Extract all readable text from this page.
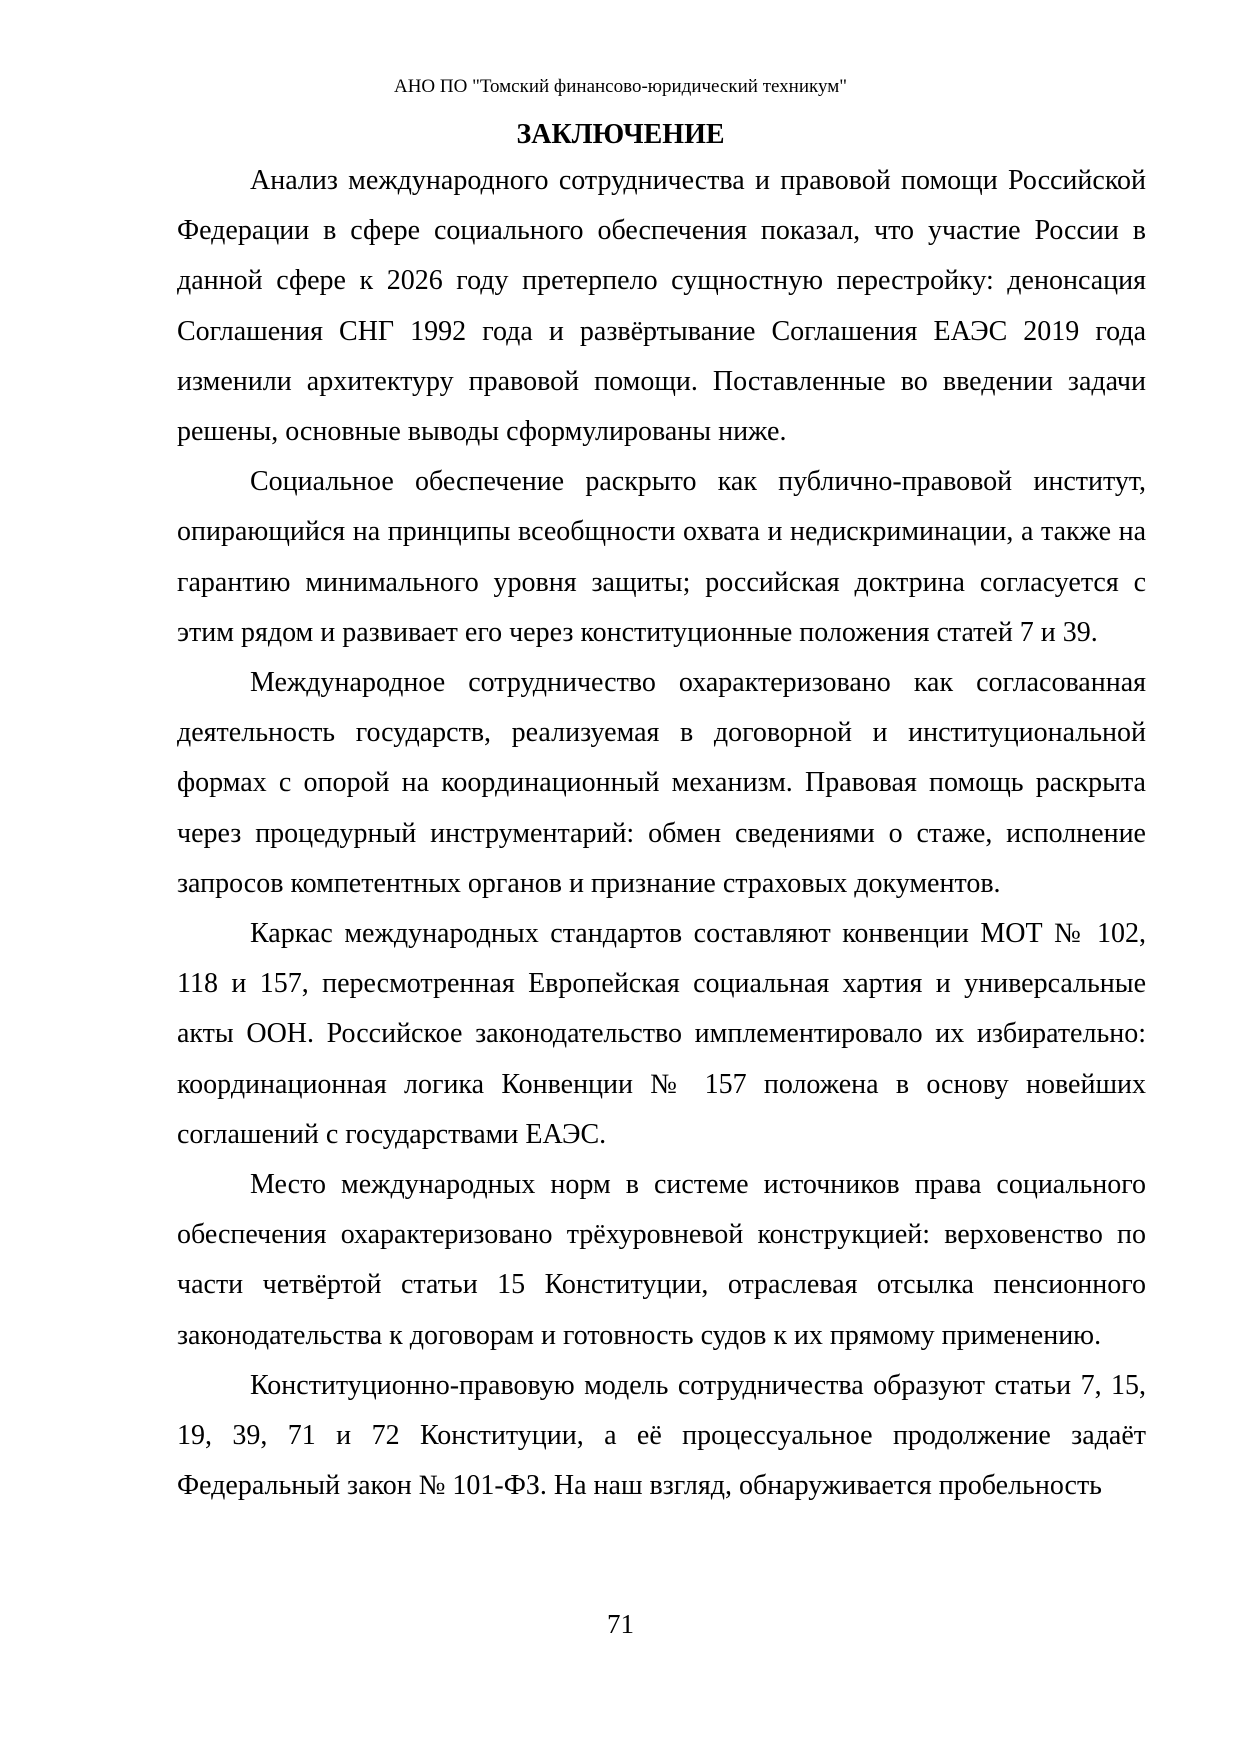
АНО ПО "Томский финансово-юридический техникум"
ЗАКЛЮЧЕНИЕ

Анализ международного сотрудничества и правовой помощи Российской Федерации в сфере социального обеспечения показал, что участие России в данной сфере к 2026 году претерпело сущностную перестройку: денонсация Соглашения СНГ 1992 года и развёртывание Соглашения ЕАЭС 2019 года изменили архитектуру правовой помощи. Поставленные во введении задачи решены, основные выводы сформулированы ниже.

Социальное обеспечение раскрыто как публично-правовой институт, опирающийся на принципы всеобщности охвата и недискриминации, а также на гарантию минимального уровня защиты; российская доктрина согласуется с этим рядом и развивает его через конституционные положения статей 7 и 39.

Международное сотрудничество охарактеризовано как согласованная деятельность государств, реализуемая в договорной и институциональной формах с опорой на координационный механизм. Правовая помощь раскрыта через процедурный инструментарий: обмен сведениями о стаже, исполнение запросов компетентных органов и признание страховых документов.

Каркас международных стандартов составляют конвенции МОТ № 102, 118 и 157, пересмотренная Европейская социальная хартия и универсальные акты ООН. Российское законодательство имплементировало их избирательно: координационная логика Конвенции № 157 положена в основу новейших соглашений с государствами ЕАЭС.

Место международных норм в системе источников права социального обеспечения охарактеризовано трёхуровневой конструкцией: верховенство по части четвёртой статьи 15 Конституции, отраслевая отсылка пенсионного законодательства к договорам и готовность судов к их прямому применению.

Конституционно-правовую модель сотрудничества образуют статьи 7, 15, 19, 39, 71 и 72 Конституции, а её процессуальное продолжение задаёт Федеральный закон № 101-ФЗ. На наш взгляд, обнаруживается пробельность

71
